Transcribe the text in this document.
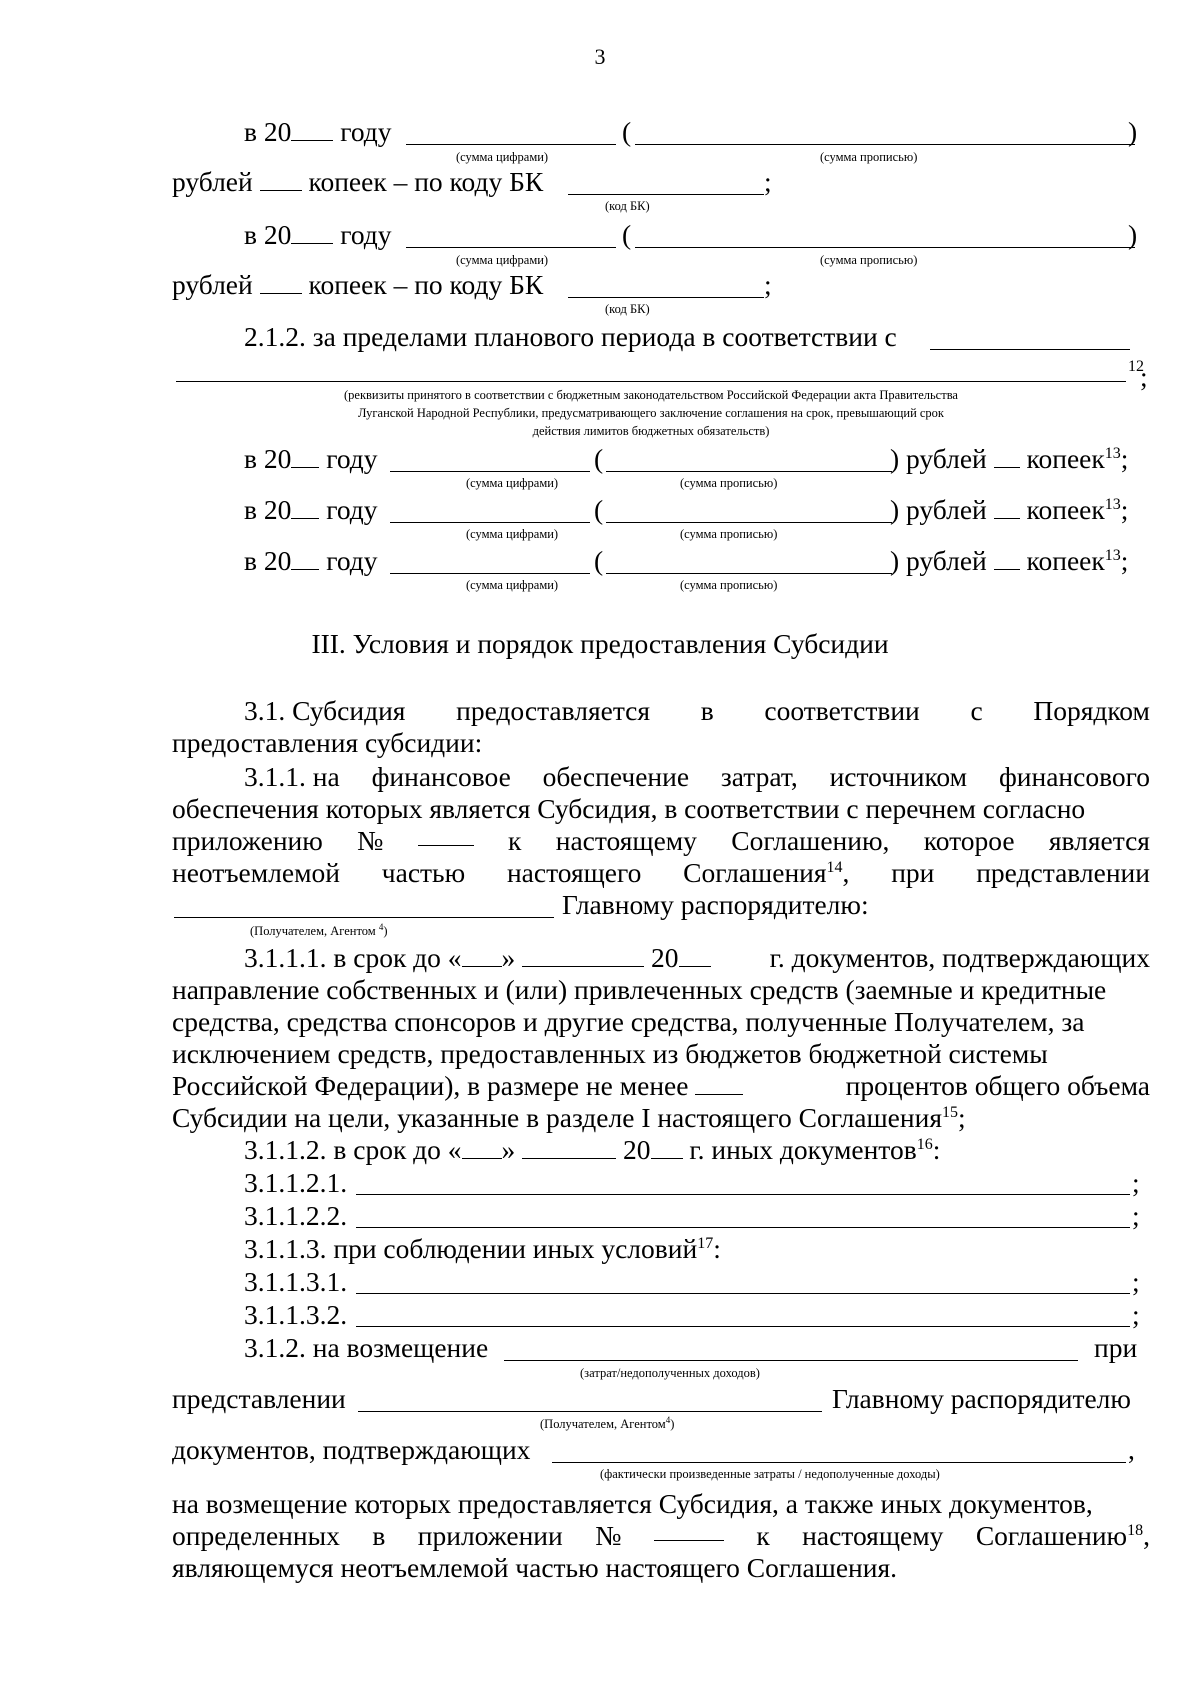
3
в 20 году	(	)
(сумма цифрами)	(сумма прописью)
рублей копеек – по коду БК	;
(код БК)
в 20 году	(	)
(сумма цифрами)	(сумма прописью)
рублей копеек – по коду БК	;
(код БК)
2.1.2. за пределами планового периода в соответствии с
12
;
(реквизиты принятого в соответствии с бюджетным законодательством Российской Федерации акта Правительства
Луганской Народной Республики, предусматривающего заключение соглашения на срок, превышающий срок
действия лимитов бюджетных обязательств)
в 20 году	(	) рублей копеек$^{13}$;
(сумма цифрами)	(сумма прописью)
в 20 году	(	) рублей копеек$^{13}$;
(сумма цифрами)	(сумма прописью)
в 20 году	(	) рублей копеек$^{13}$;
(сумма цифрами)	(сумма прописью)
III. Условия и порядок предоставления Субсидии
3.1. Субсидия предоставляется в соответствии с Порядком
предоставления субсидии:
3.1.1. на финансовое обеспечение затрат, источником финансового
обеспечения которых является Субсидия, в соответствии с перечнем согласно
приложению №	к настоящему Соглашению, которое является
неотъемлемой частью настоящего Соглашения$^{14}$, при представлении
Главному распорядителю:
(Получателем, Агентом $^4$)
3.1.1.1. в срок до « »	20	г. документов, подтверждающих
направление собственных и (или) привлеченных средств (заемные и кредитные
средства, средства спонсоров и другие средства, полученные Получателем, за
исключением средств, предоставленных из бюджетов бюджетной системы
Российской Федерации), в размере не менее	процентов общего объема
Субсидии на цели, указанные в разделе I настоящего Соглашения$^{15}$;
3.1.1.2. в срок до « »	20 г. иных документов$^{16}$:
3.1.1.2.1.	;
3.1.1.2.2.	;
3.1.1.3. при соблюдении иных условий$^{17}$:
3.1.1.3.1.	;
3.1.1.3.2.	;
3.1.2. на возмещение	при
(затрат/недополученных доходов)
представлении	Главному распорядителю
(Получателем, Агентом$^4$)
документов, подтверждающих	,
(фактически произведенные затраты / недополученные доходы)
на возмещение которых предоставляется Субсидия, а также иных документов,
определенных в приложении №	к настоящему Соглашению$^{18}$,
являющемуся неотъемлемой частью настоящего Соглашения.
